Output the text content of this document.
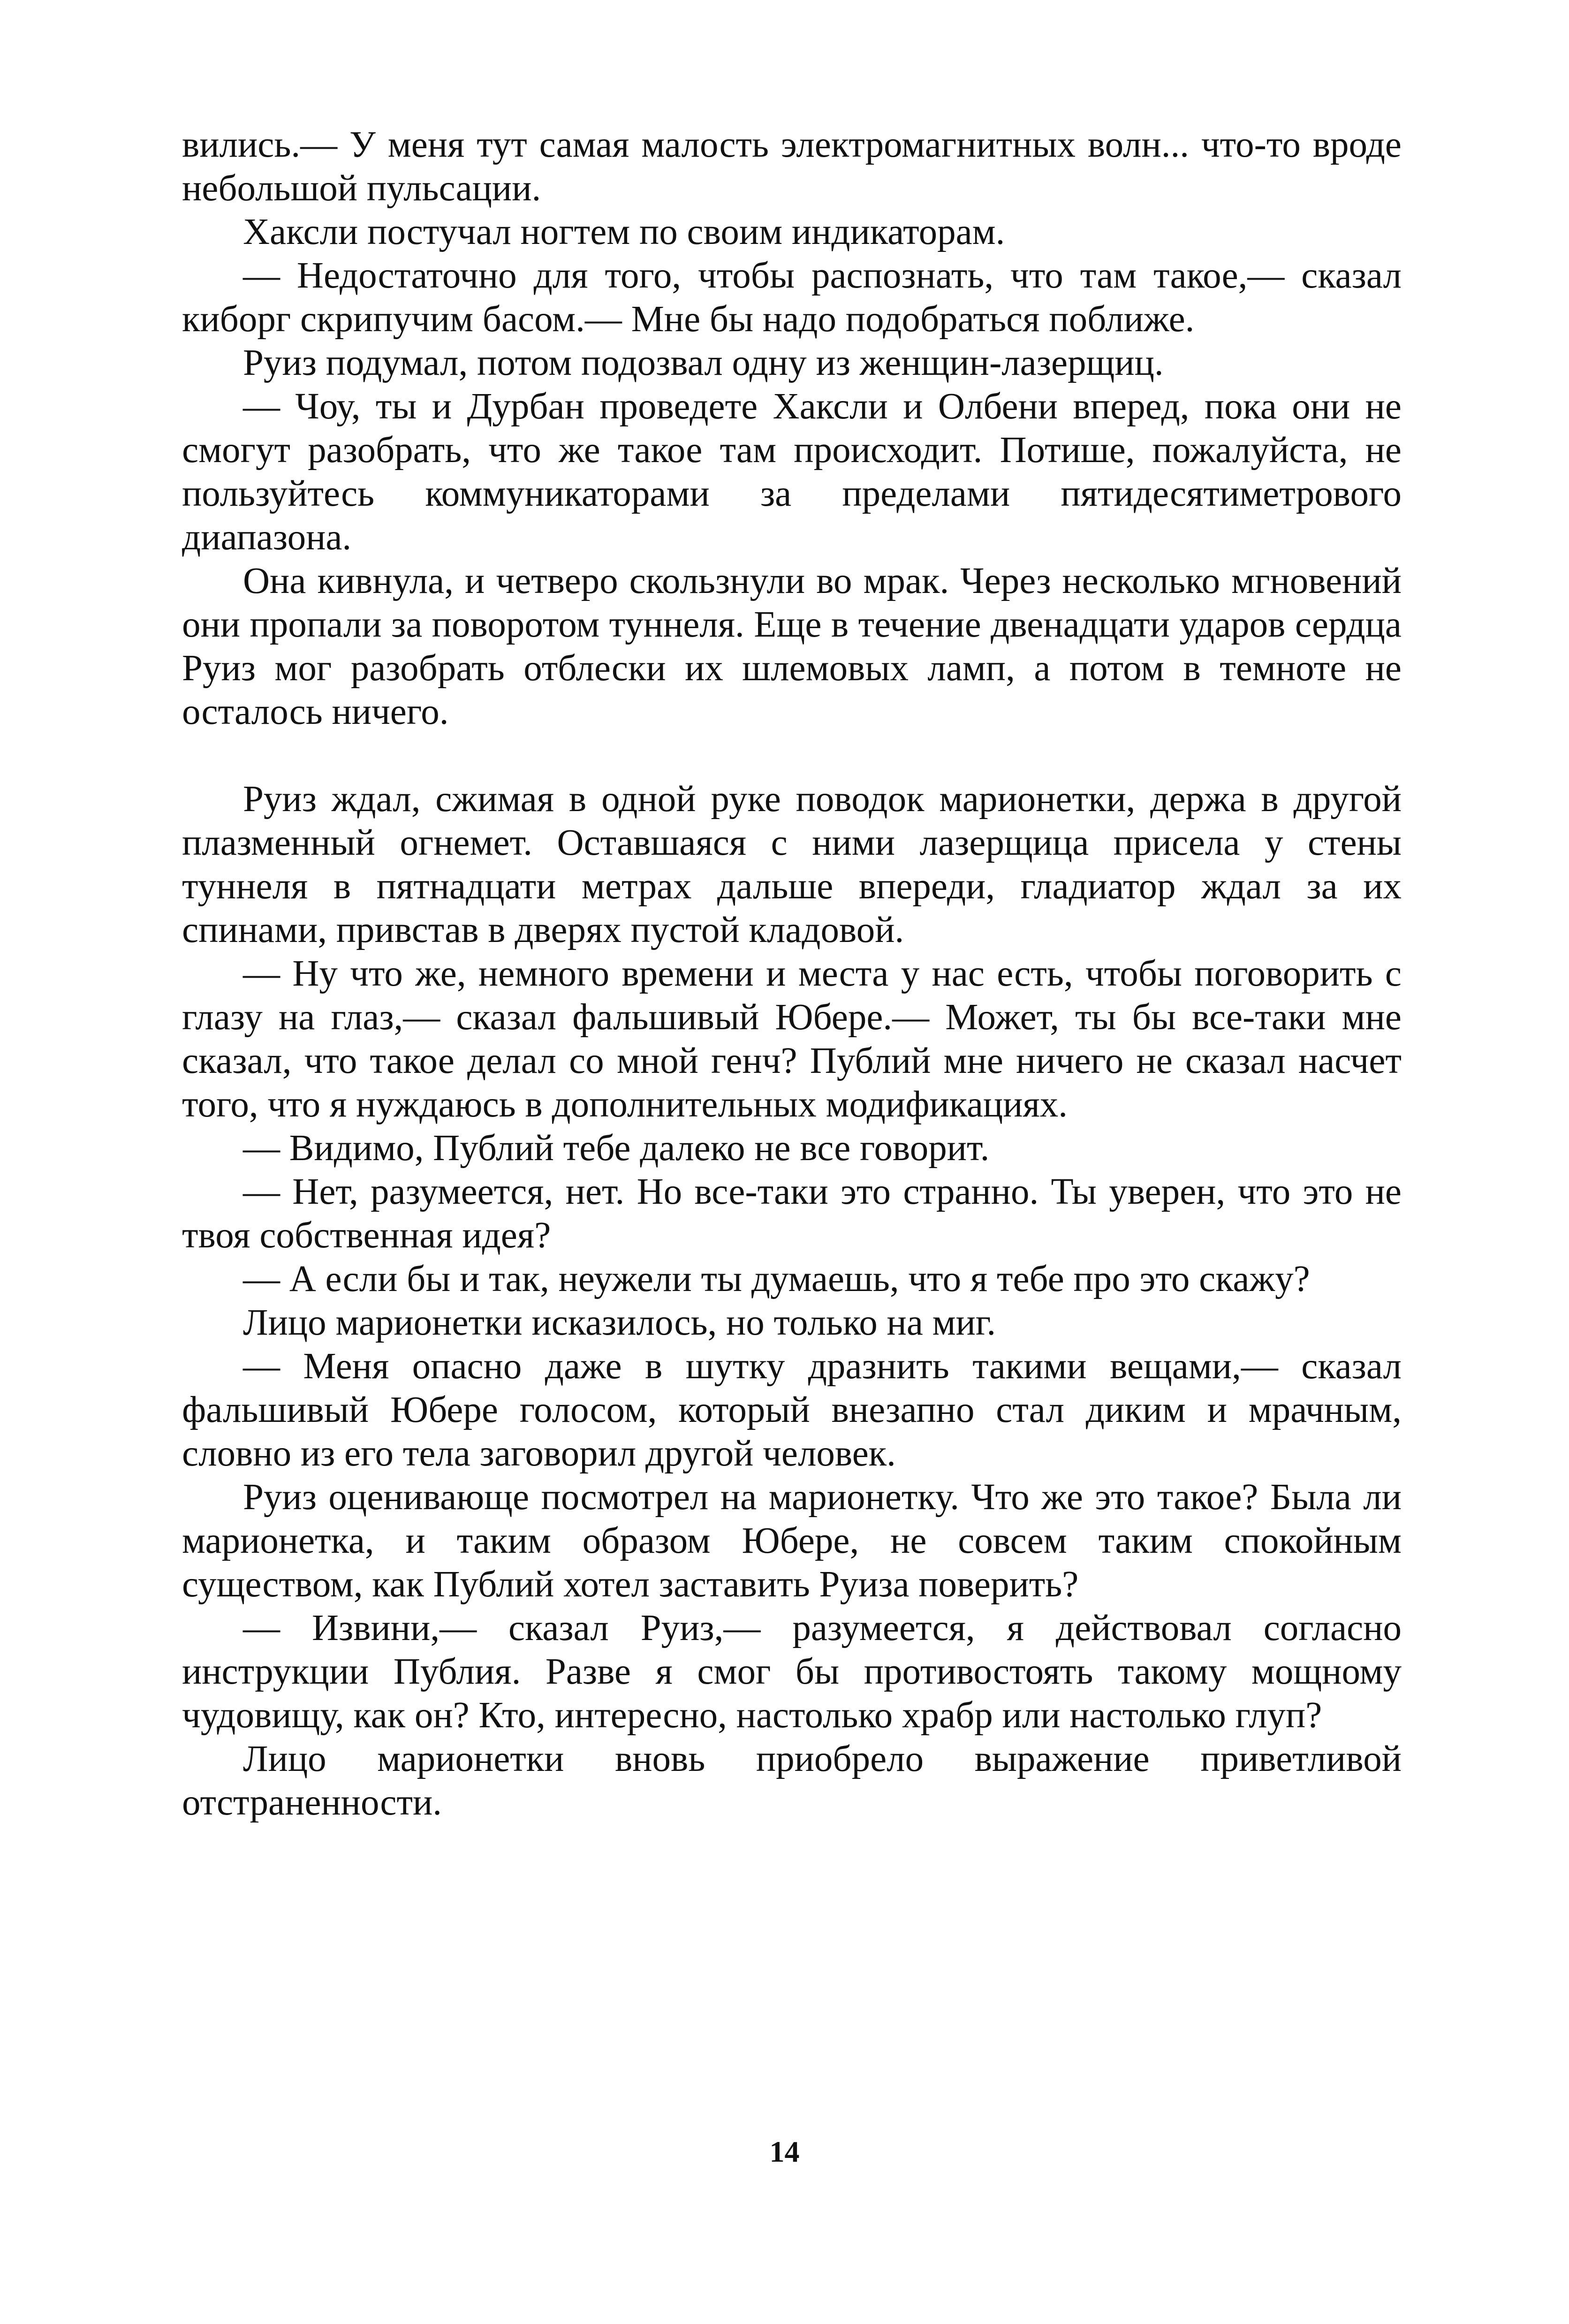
вились.— У меня тут самая малость электромагнитных волн... что-то вроде небольшой пульсации.

Хаксли постучал ногтем по своим индикаторам.

— Недостаточно для того, чтобы распознать, что там такое,— сказал киборг скрипучим басом.— Мне бы надо подобраться поближе.

Руиз подумал, потом подозвал одну из женщин-лазерщиц.

— Чоу, ты и Дурбан проведете Хаксли и Олбени вперед, пока они не смогут разобрать, что же такое там происходит. Потише, пожалуйста, не пользуйтесь коммуникаторами за пределами пятидесятиметрового диапазона.

Она кивнула, и четверо скользнули во мрак. Через несколько мгновений они пропали за поворотом туннеля. Еще в течение двенадцати ударов сердца Руиз мог разобрать отблески их шлемовых ламп, а потом в темноте не осталось ничего.

Руиз ждал, сжимая в одной руке поводок марионетки, держа в другой плазменный огнемет. Оставшаяся с ними лазерщица присела у стены туннеля в пятнадцати метрах дальше впереди, гладиатор ждал за их спинами, привстав в дверях пустой кладовой.

— Ну что же, немного времени и места у нас есть, чтобы поговорить с глазу на глаз,— сказал фальшивый Юбере.— Может, ты бы все-таки мне сказал, что такое делал со мной генч? Публий мне ничего не сказал насчет того, что я нуждаюсь в дополнительных модификациях.

— Видимо, Публий тебе далеко не все говорит.

— Нет, разумеется, нет. Но все-таки это странно. Ты уверен, что это не твоя собственная идея?

— А если бы и так, неужели ты думаешь, что я тебе про это скажу?

Лицо марионетки исказилось, но только на миг.

— Меня опасно даже в шутку дразнить такими вещами,— сказал фальшивый Юбере голосом, который внезапно стал диким и мрачным, словно из его тела заговорил другой человек.

Руиз оценивающе посмотрел на марионетку. Что же это такое? Была ли марионетка, и таким образом Юбере, не совсем таким спокойным существом, как Публий хотел заставить Руиза поверить?

— Извини,— сказал Руиз,— разумеется, я действовал согласно инструкции Публия. Разве я смог бы противостоять такому мощному чудовищу, как он? Кто, интересно, настолько храбр или настолько глуп?

Лицо марионетки вновь приобрело выражение приветливой отстраненности.

14
